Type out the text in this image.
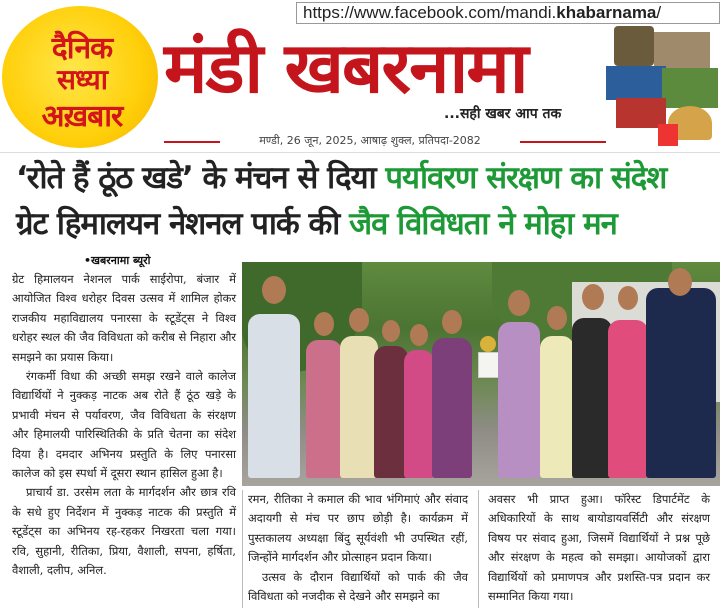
दैनिक
सध्या
अख़बार
मंडी खबरनामा
...सही खबर आप तक
मण्डी, 26 जून, 2025, आषाढ़ शुक्ल, प्रतिपदा-2082
https://www.facebook.com/mandi.khabarnama/
‘रोते हैं ठूंठ खडे’ के मंचन से दिया पर्यावरण संरक्षण का संदेश
ग्रेट हिमालयन नेशनल पार्क की जैव विविधता ने मोहा मन
•खबरनामा ब्यूरो

ग्रेट हिमालयन नेशनल पार्क साईरोपा, बंजार में आयोजित विश्व धरोहर दिवस उत्सव में शामिल होकर राजकीय महाविद्यालय पनारसा के स्टूडेंट्स ने विश्व धरोहर स्थल की जैव विविधता को करीब से निहारा और समझने का प्रयास किया।

रंगकर्मी विधा की अच्छी समझ रखने वाले कालेज विद्यार्थियों ने नुक्कड़ नाटक अब रोते हैं ठूंठ खड़े के प्रभावी मंचन से पर्यावरण, जैव विविधता के संरक्षण और हिमालयी पारिस्थितिकी के प्रति चेतना का संदेश दिया है। दमदार अभिनय प्रस्तुति के लिए पनारसा कालेज को इस स्पर्धा में दूसरा स्थान हासिल हुआ है।

प्राचार्य डा. उरसेम लता के मार्गदर्शन और छात्र रवि के सधे हुए निर्देशन में नुक्कड़ नाटक की प्रस्तुति में स्टूडेंट्स का अभिनय रह-रहकर निखरता चला गया। रवि, सुहानी, रीतिका, प्रिया, वैशाली, सपना, हर्षिता, वैशाली, दलीप, अनिल.

रमन, रीतिका ने कमाल की भाव भंगिमाएं और संवाद अदायगी से मंच पर छाप छोड़ी है। कार्यक्रम में पुस्तकालय अध्यक्षा बिंदु सूर्यवंशी भी उपस्थित रहीं, जिन्होंने मार्गदर्शन और प्रोत्साहन प्रदान किया।

उत्सव के दौरान विद्यार्थियों को पार्क की जैव विविधता को नजदीक से देखने और समझने का

अवसर भी प्राप्त हुआ। फॉरेस्ट डिपार्टमेंट के अधिकारियों के साथ बायोडायवर्सिटी और संरक्षण विषय पर संवाद हुआ, जिसमें विद्यार्थियों ने प्रश्न पूछे और संरक्षण के महत्व को समझा। आयोजकों द्वारा विद्यार्थियों को प्रमाणपत्र और प्रशस्ति-पत्र प्रदान कर सम्मानित किया गया।
